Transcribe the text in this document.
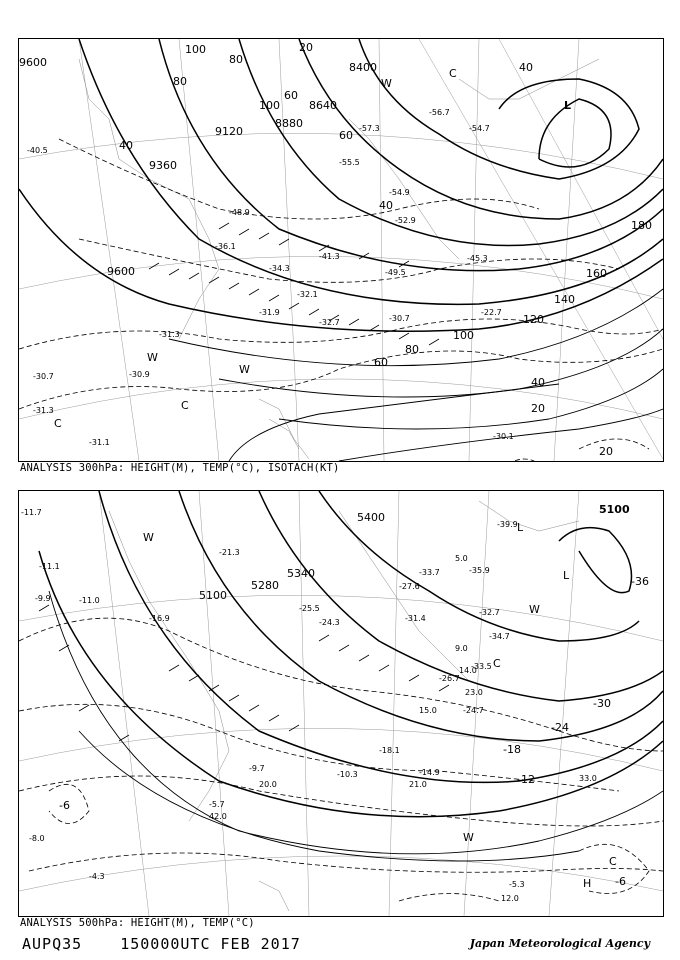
9600
9360
9120
8880
8640
8400
9600
20
40
60
80
100
120
140
160
180
100
80
60
40
20
20
40
40
60
80
100
W
W
C
C
C
L
W
-30.7
-31.3
-31.1
-30.9
-31.3
-31.9
-32.1
-32.7	-30.7
-22.7
-30.1
-34.3
-36.1
-41.3
-48.9
-52.9
-54.9
-55.5
-57.3
-56.7
-54.7
-40.5
-45.3
-49.5
ANALYSIS 300hPa: HEIGHT(M), TEMP(°C), ISOTACH(KT)
5100
5340
5400
5280
5100
-36
-30
-24
-18
-12
-6
-6
W
W
C
L
L
H
C
W
-11.7
-11.1
-9.9	-11.0
-16.9
-21.3
-25.5
-24.3
-27.6
-31.4
-33.5
-39.9
-34.7
-32.7
-35.9
-33.7
-26.7
-24.7
-18.1
-14.9
-10.3
-9.7
-5.7
-5.3
-4.3
-8.0
23.0
21.0
15.0
12.0
14.0
33.0
9.0
5.0
20.0
42.0
ANALYSIS 500hPa: HEIGHT(M), TEMP(°C)
AUPQ35	150000UTC FEB 2017	Japan Meteorological Agency
